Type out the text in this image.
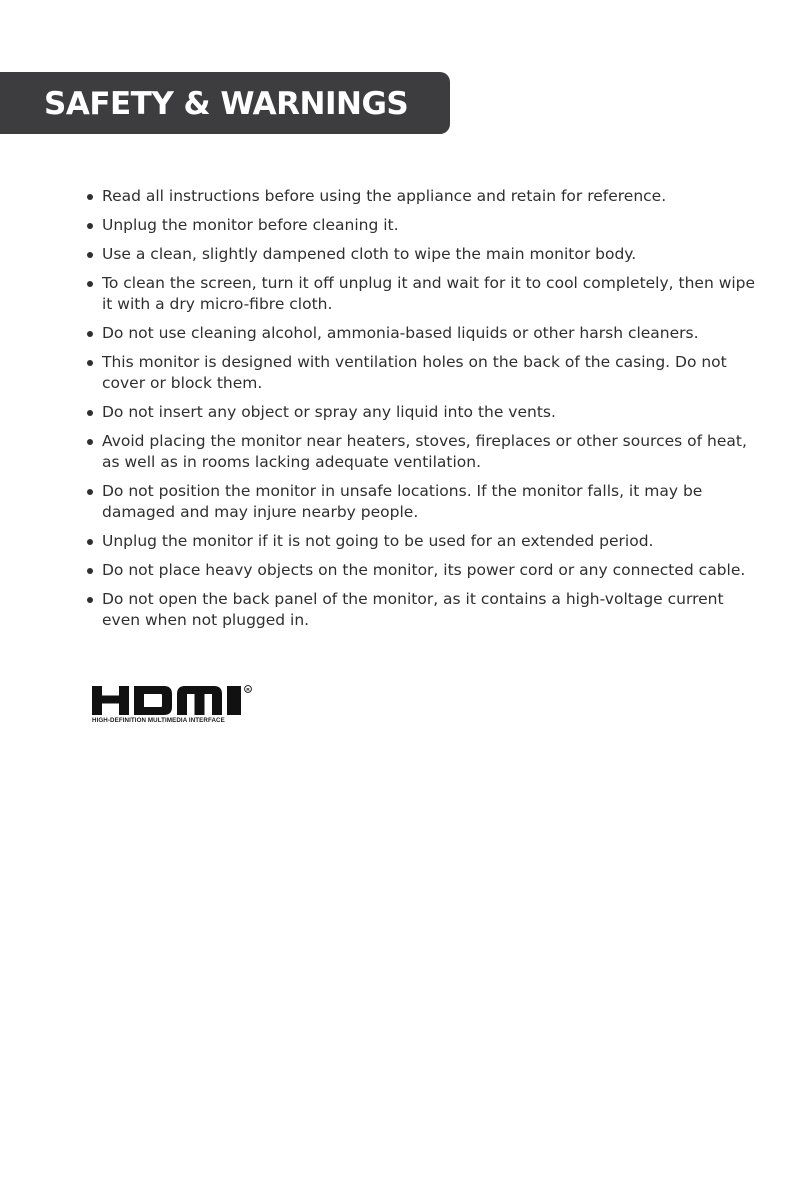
SAFETY & WARNINGS
Read all instructions before using the appliance and retain for reference.
Unplug the monitor before cleaning it.
Use a clean, slightly dampened cloth to wipe the main monitor body.
To clean the screen, turn it off unplug it and wait for it to cool completely, then wipe it with a dry micro-fibre cloth.
Do not use cleaning alcohol, ammonia-based liquids or other harsh cleaners.
This monitor is designed with ventilation holes on the back of the casing. Do not cover or block them.
Do not insert any object or spray any liquid into the vents.
Avoid placing the monitor near heaters, stoves, fireplaces or other sources of heat, as well as in rooms lacking adequate ventilation.
Do not position the monitor in unsafe locations. If the monitor falls, it may be damaged and may injure nearby people.
Unplug the monitor if it is not going to be used for an extended period.
Do not place heavy objects on the monitor, its power cord or any connected cable.
Do not open the back panel of the monitor, as it contains a high-voltage current even when not plugged in.
R
HIGH-DEFINITION MULTIMEDIA INTERFACE
